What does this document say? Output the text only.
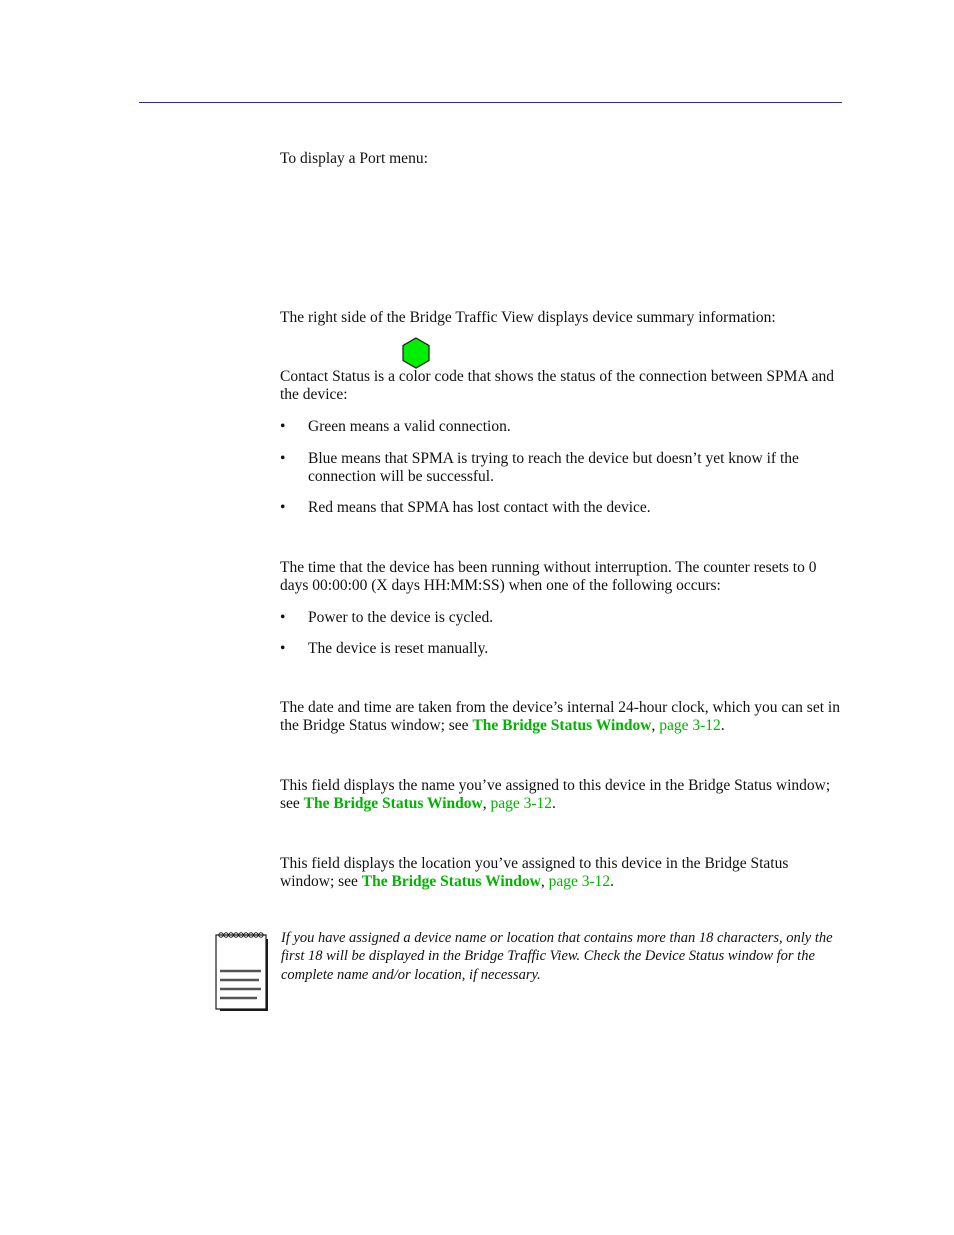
To display a Port menu:

The right side of the Bridge Traffic View displays device summary information:

Contact Status is a color code that shows the status of the connection between SPMA and the device:

•	Green means a valid connection.
•	Blue means that SPMA is trying to reach the device but doesn’t yet know if the connection will be successful.
•	Red means that SPMA has lost contact with the device.

The time that the device has been running without interruption. The counter resets to 0 days 00:00:00 (X days HH:MM:SS) when one of the following occurs:

•	Power to the device is cycled.
•	The device is reset manually.

The date and time are taken from the device’s internal 24-hour clock, which you can set in the Bridge Status window; see The Bridge Status Window, page 3-12.

This field displays the name you’ve assigned to this device in the Bridge Status window; see The Bridge Status Window, page 3-12.

This field displays the location you’ve assigned to this device in the Bridge Status window; see The Bridge Status Window, page 3-12.

If you have assigned a device name or location that contains more than 18 characters, only the first 18 will be displayed in the Bridge Traffic View. Check the Device Status window for the complete name and/or location, if necessary.
